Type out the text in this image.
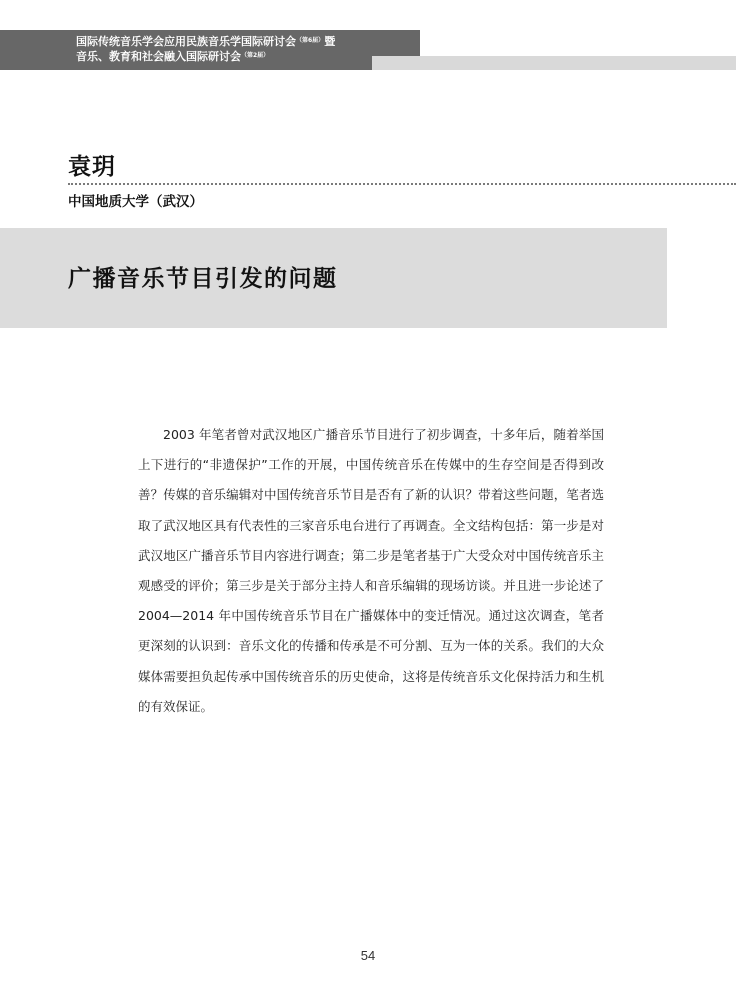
国际传统音乐学会应用民族音乐学国际研讨会$^{(第6届)}$暨
音乐、教育和社会融入国际研讨会$^{(第2届)}$
袁玥
中国地质大学（武汉）
广播音乐节目引发的问题

2003 年笔者曾对武汉地区广播音乐节目进行了初步调查，十多年后，随着举国上下进行的“非遗保护”工作的开展，中国传统音乐在传媒中的生存空间是否得到改善？传媒的音乐编辑对中国传统音乐节目是否有了新的认识？带着这些问题，笔者选取了武汉地区具有代表性的三家音乐电台进行了再调查。全文结构包括：第一步是对武汉地区广播音乐节目内容进行调查；第二步是笔者基于广大受众对中国传统音乐主观感受的评价；第三步是关于部分主持人和音乐编辑的现场访谈。并且进一步论述了 2004—2014 年中国传统音乐节目在广播媒体中的变迁情况。通过这次调查，笔者更深刻的认识到：音乐文化的传播和传承是不可分割、互为一体的关系。我们的大众媒体需要担负起传承中国传统音乐的历史使命，这将是传统音乐文化保持活力和生机的有效保证。

54
